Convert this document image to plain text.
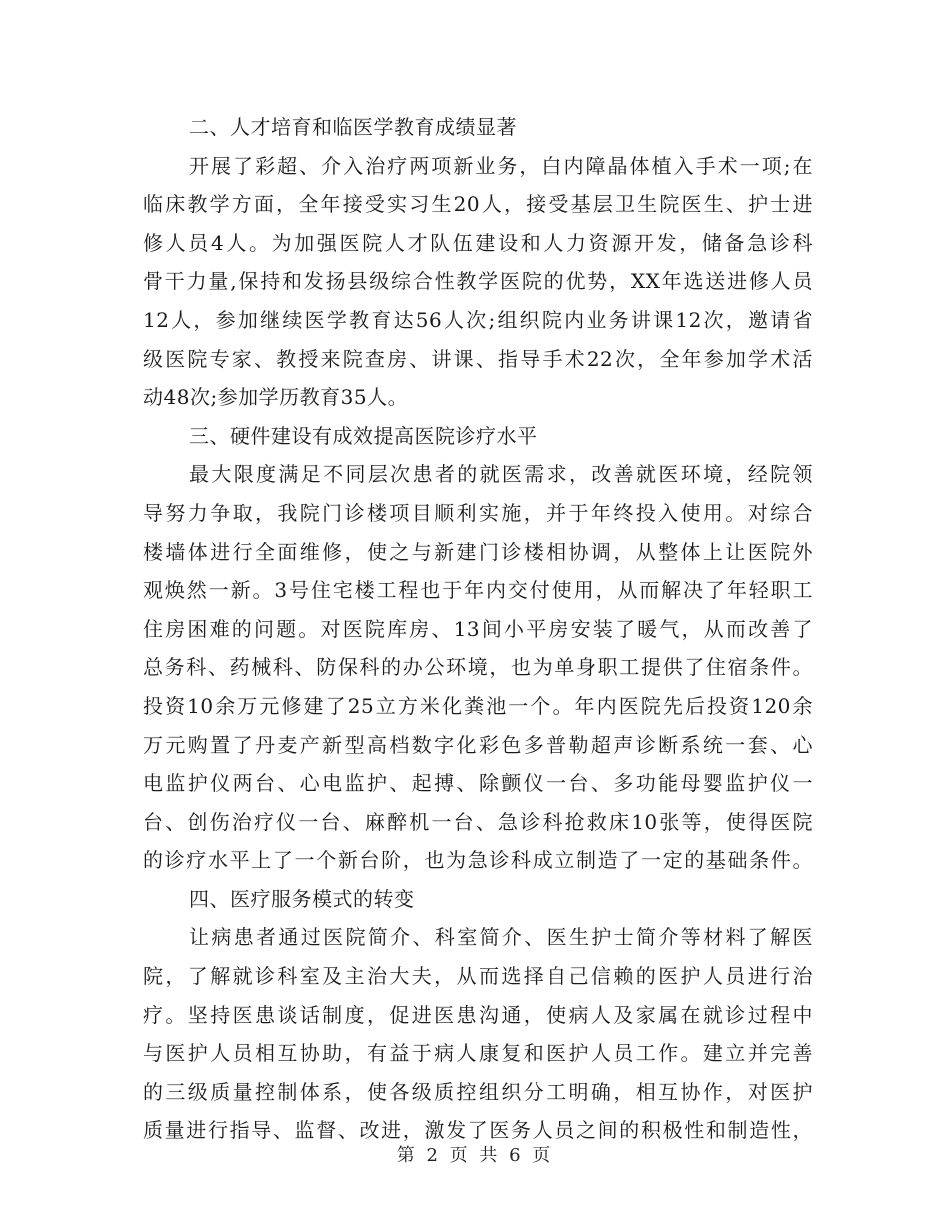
二、人才培育和临医学教育成绩显著
开展了彩超、介入治疗两项新业务，白内障晶体植入手术一项;在
临床教学方面，全年接受实习生20人，接受基层卫生院医生、护士进
修人员4人。为加强医院人才队伍建设和人力资源开发，储备急诊科
骨干力量,保持和发扬县级综合性教学医院的优势，XX年选送进修人员
12人，参加继续医学教育达56人次;组织院内业务讲课12次，邀请省
级医院专家、教授来院查房、讲课、指导手术22次，全年参加学术活
动48次;参加学历教育35人。
三、硬件建设有成效提高医院诊疗水平
最大限度满足不同层次患者的就医需求，改善就医环境，经院领
导努力争取，我院门诊楼项目顺利实施，并于年终投入使用。对综合
楼墙体进行全面维修，使之与新建门诊楼相协调，从整体上让医院外
观焕然一新。3号住宅楼工程也于年内交付使用，从而解决了年轻职工
住房困难的问题。对医院库房、13间小平房安装了暖气，从而改善了
总务科、药械科、防保科的办公环境，也为单身职工提供了住宿条件。
投资10余万元修建了25立方米化粪池一个。年内医院先后投资120余
万元购置了丹麦产新型高档数字化彩色多普勒超声诊断系统一套、心
电监护仪两台、心电监护、起搏、除颤仪一台、多功能母婴监护仪一
台、创伤治疗仪一台、麻醉机一台、急诊科抢救床10张等，使得医院
的诊疗水平上了一个新台阶，也为急诊科成立制造了一定的基础条件。
四、医疗服务模式的转变
让病患者通过医院简介、科室简介、医生护士简介等材料了解医
院，了解就诊科室及主治大夫，从而选择自己信赖的医护人员进行治
疗。坚持医患谈话制度，促进医患沟通，使病人及家属在就诊过程中
与医护人员相互协助，有益于病人康复和医护人员工作。建立并完善
的三级质量控制体系，使各级质控组织分工明确，相互协作，对医护
质量进行指导、监督、改进，激发了医务人员之间的积极性和制造性，
第 2 页 共 6 页
